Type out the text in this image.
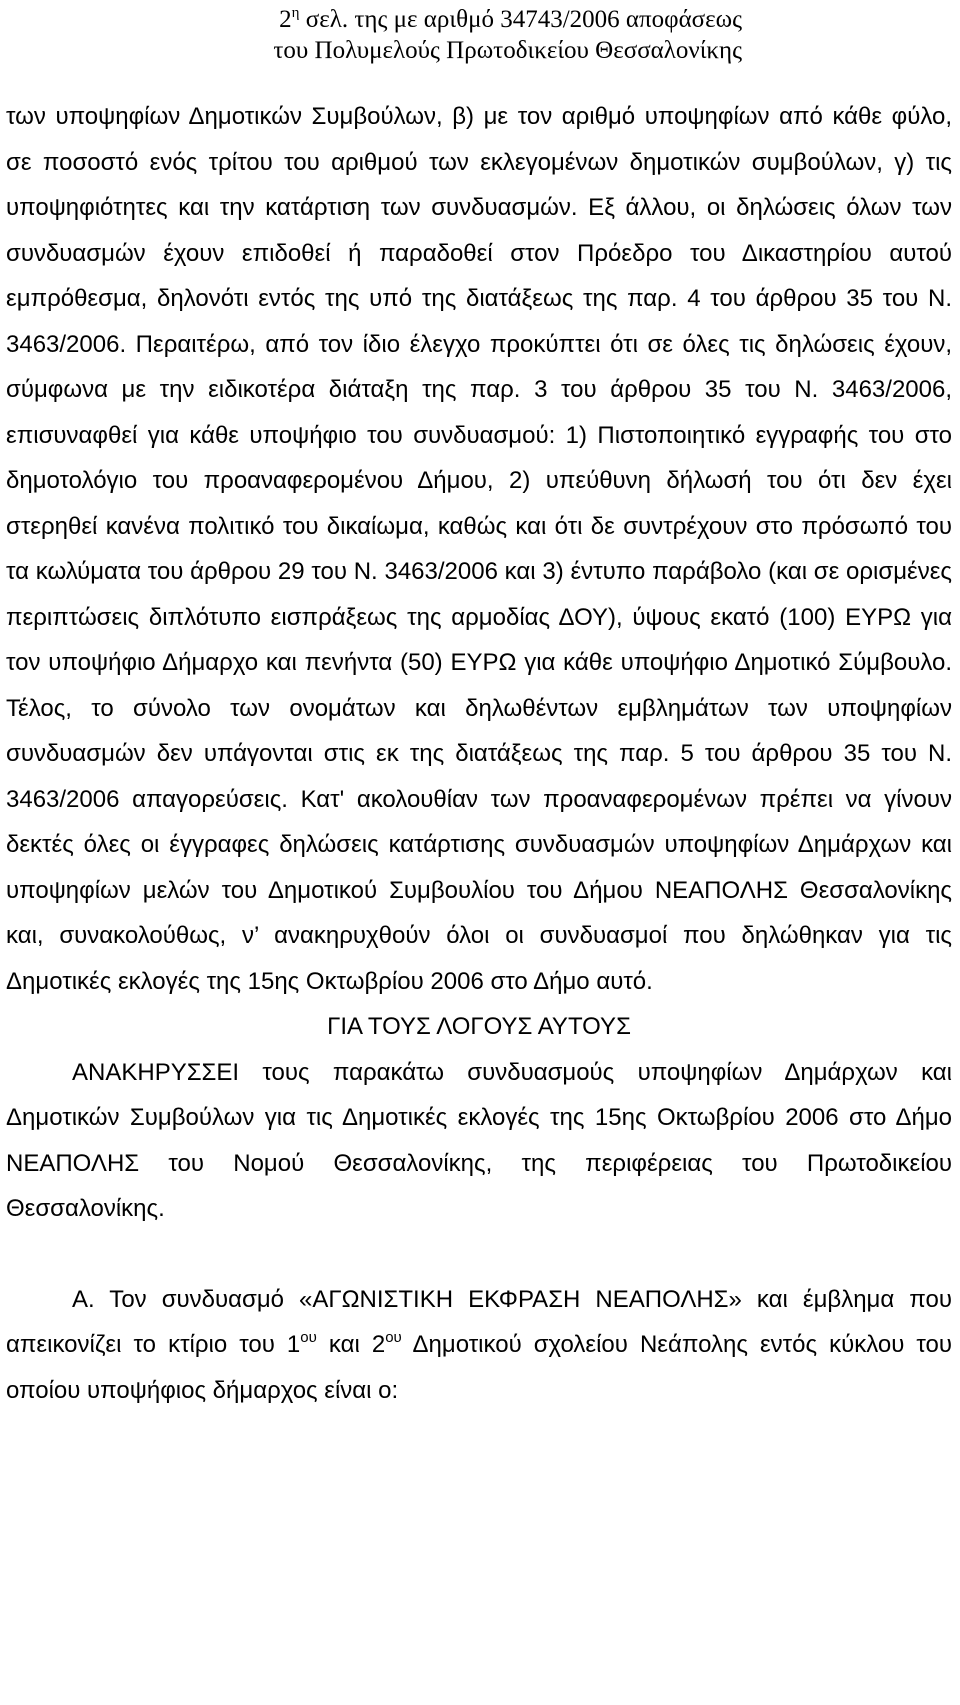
$2^\eta$ σελ. της με αριθμό 34743/2006 αποφάσεως
του Πολυμελούς Πρωτοδικείου Θεσσαλονίκης

των υποψηφίων Δημοτικών Συμβούλων, β) με τον αριθμό υποψηφίων από κάθε φύλο, σε ποσοστό ενός τρίτου του αριθμού των εκλεγομένων δημοτικών συμβούλων, γ) τις υποψηφιότητες και την κατάρτιση των συνδυασμών. Εξ άλλου, οι δηλώσεις όλων των συνδυασμών έχουν επιδοθεί ή παραδοθεί στον Πρόεδρο του Δικαστηρίου αυτού εμπρόθεσμα, δηλονότι εντός της υπό της διατάξεως της παρ. 4 του άρθρου 35 του Ν. 3463/2006. Περαιτέρω, από τον ίδιο έλεγχο προκύπτει ότι σε όλες τις δηλώσεις έχουν, σύμφωνα με την ειδικοτέρα διάταξη της παρ. 3 του άρθρου 35 του Ν. 3463/2006, επισυναφθεί για κάθε υποψήφιο του συνδυασμού: 1) Πιστοποιητικό εγγραφής του στο δημοτολόγιο του προαναφερομένου Δήμου, 2) υπεύθυνη δήλωσή του ότι δεν έχει στερηθεί κανένα πολιτικό του δικαίωμα, καθώς και ότι δε συντρέχουν στο πρόσωπό του τα κωλύματα του άρθρου 29 του Ν. 3463/2006 και 3) έντυπο παράβολο (και σε ορισμένες περιπτώσεις διπλότυπο εισπράξεως της αρμοδίας ΔΟΥ), ύψους εκατό (100) ΕΥΡΩ για τον υποψήφιο Δήμαρχο και πενήντα (50) ΕΥΡΩ για κάθε υποψήφιο Δημοτικό Σύμβουλο. Τέλος, το σύνολο των ονομάτων και δηλωθέντων εμβλημάτων των υποψηφίων συνδυασμών δεν υπάγονται στις εκ της διατάξεως της παρ. 5 του άρθρου 35 του Ν. 3463/2006 απαγορεύσεις. Κατ' ακολουθίαν των προαναφερομένων πρέπει να γίνουν δεκτές όλες οι έγγραφες δηλώσεις κατάρτισης συνδυασμών υποψηφίων Δημάρχων και υποψηφίων μελών του Δημοτικού Συμβουλίου του Δήμου ΝΕΑΠΟΛΗΣ Θεσσαλονίκης και, συνακολούθως, ν’ ανακηρυχθούν όλοι οι συνδυασμοί που δηλώθηκαν για τις Δημοτικές εκλογές της 15ης Οκτωβρίου 2006 στο Δήμο αυτό.

ΓΙΑ ΤΟΥΣ ΛΟΓΟΥΣ ΑΥΤΟΥΣ

ΑΝΑΚΗΡΥΣΣΕΙ τους παρακάτω συνδυασμούς υποψηφίων Δημάρχων και Δημοτικών Συμβούλων για τις Δημοτικές εκλογές της 15ης Οκτωβρίου 2006 στο Δήμο ΝΕΑΠΟΛΗΣ του Νομού Θεσσαλονίκης, της περιφέρειας του Πρωτοδικείου Θεσσαλονίκης.

Α. Τον συνδυασμό «ΑΓΩΝΙΣΤΙΚΗ ΕΚΦΡΑΣΗ ΝΕΑΠΟΛΗΣ» και έμβλημα που απεικονίζει το κτίριο του $1^{o\upsilon}$ και $2^{o\upsilon}$ Δημοτικού σχολείου Νεάπολης εντός κύκλου του οποίου υποψήφιος δήμαρχος είναι ο:
